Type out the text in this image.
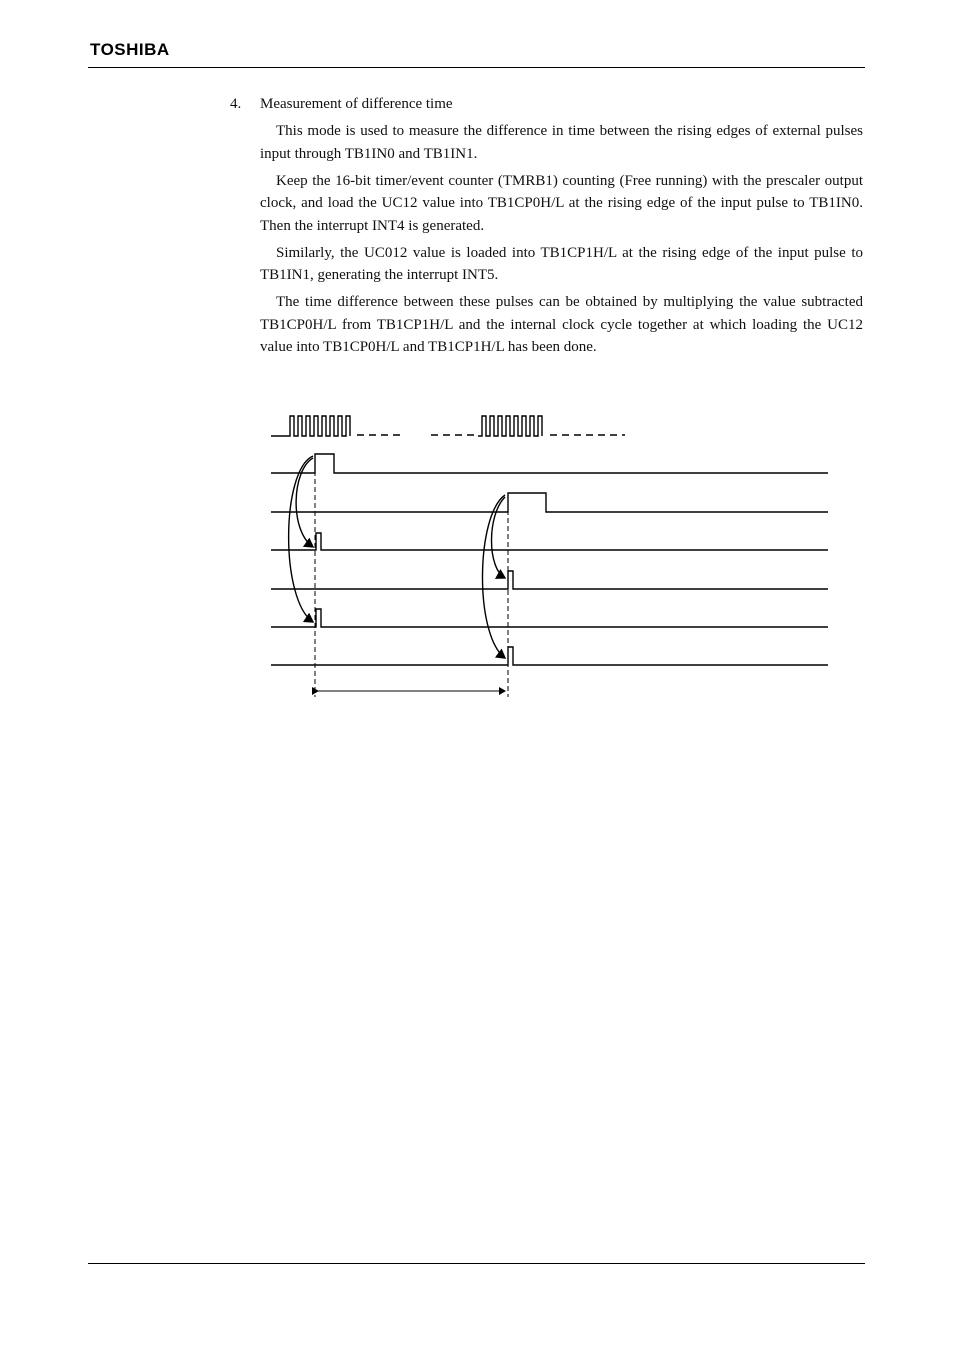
TOSHIBA
4. Measurement of difference time

This mode is used to measure the difference in time between the rising edges of external pulses input through TB1IN0 and TB1IN1.

Keep the 16-bit timer/event counter (TMRB1) counting (Free running) with the prescaler output clock, and load the UC12 value into TB1CP0H/L at the rising edge of the input pulse to TB1IN0. Then the interrupt INT4 is generated.

Similarly, the UC012 value is loaded into TB1CP1H/L at the rising edge of the input pulse to TB1IN1, generating the interrupt INT5.

The time difference between these pulses can be obtained by multiplying the value subtracted TB1CP0H/L from TB1CP1H/L and the internal clock cycle together at which loading the UC12 value into TB1CP0H/L and TB1CP1H/L has been done.
